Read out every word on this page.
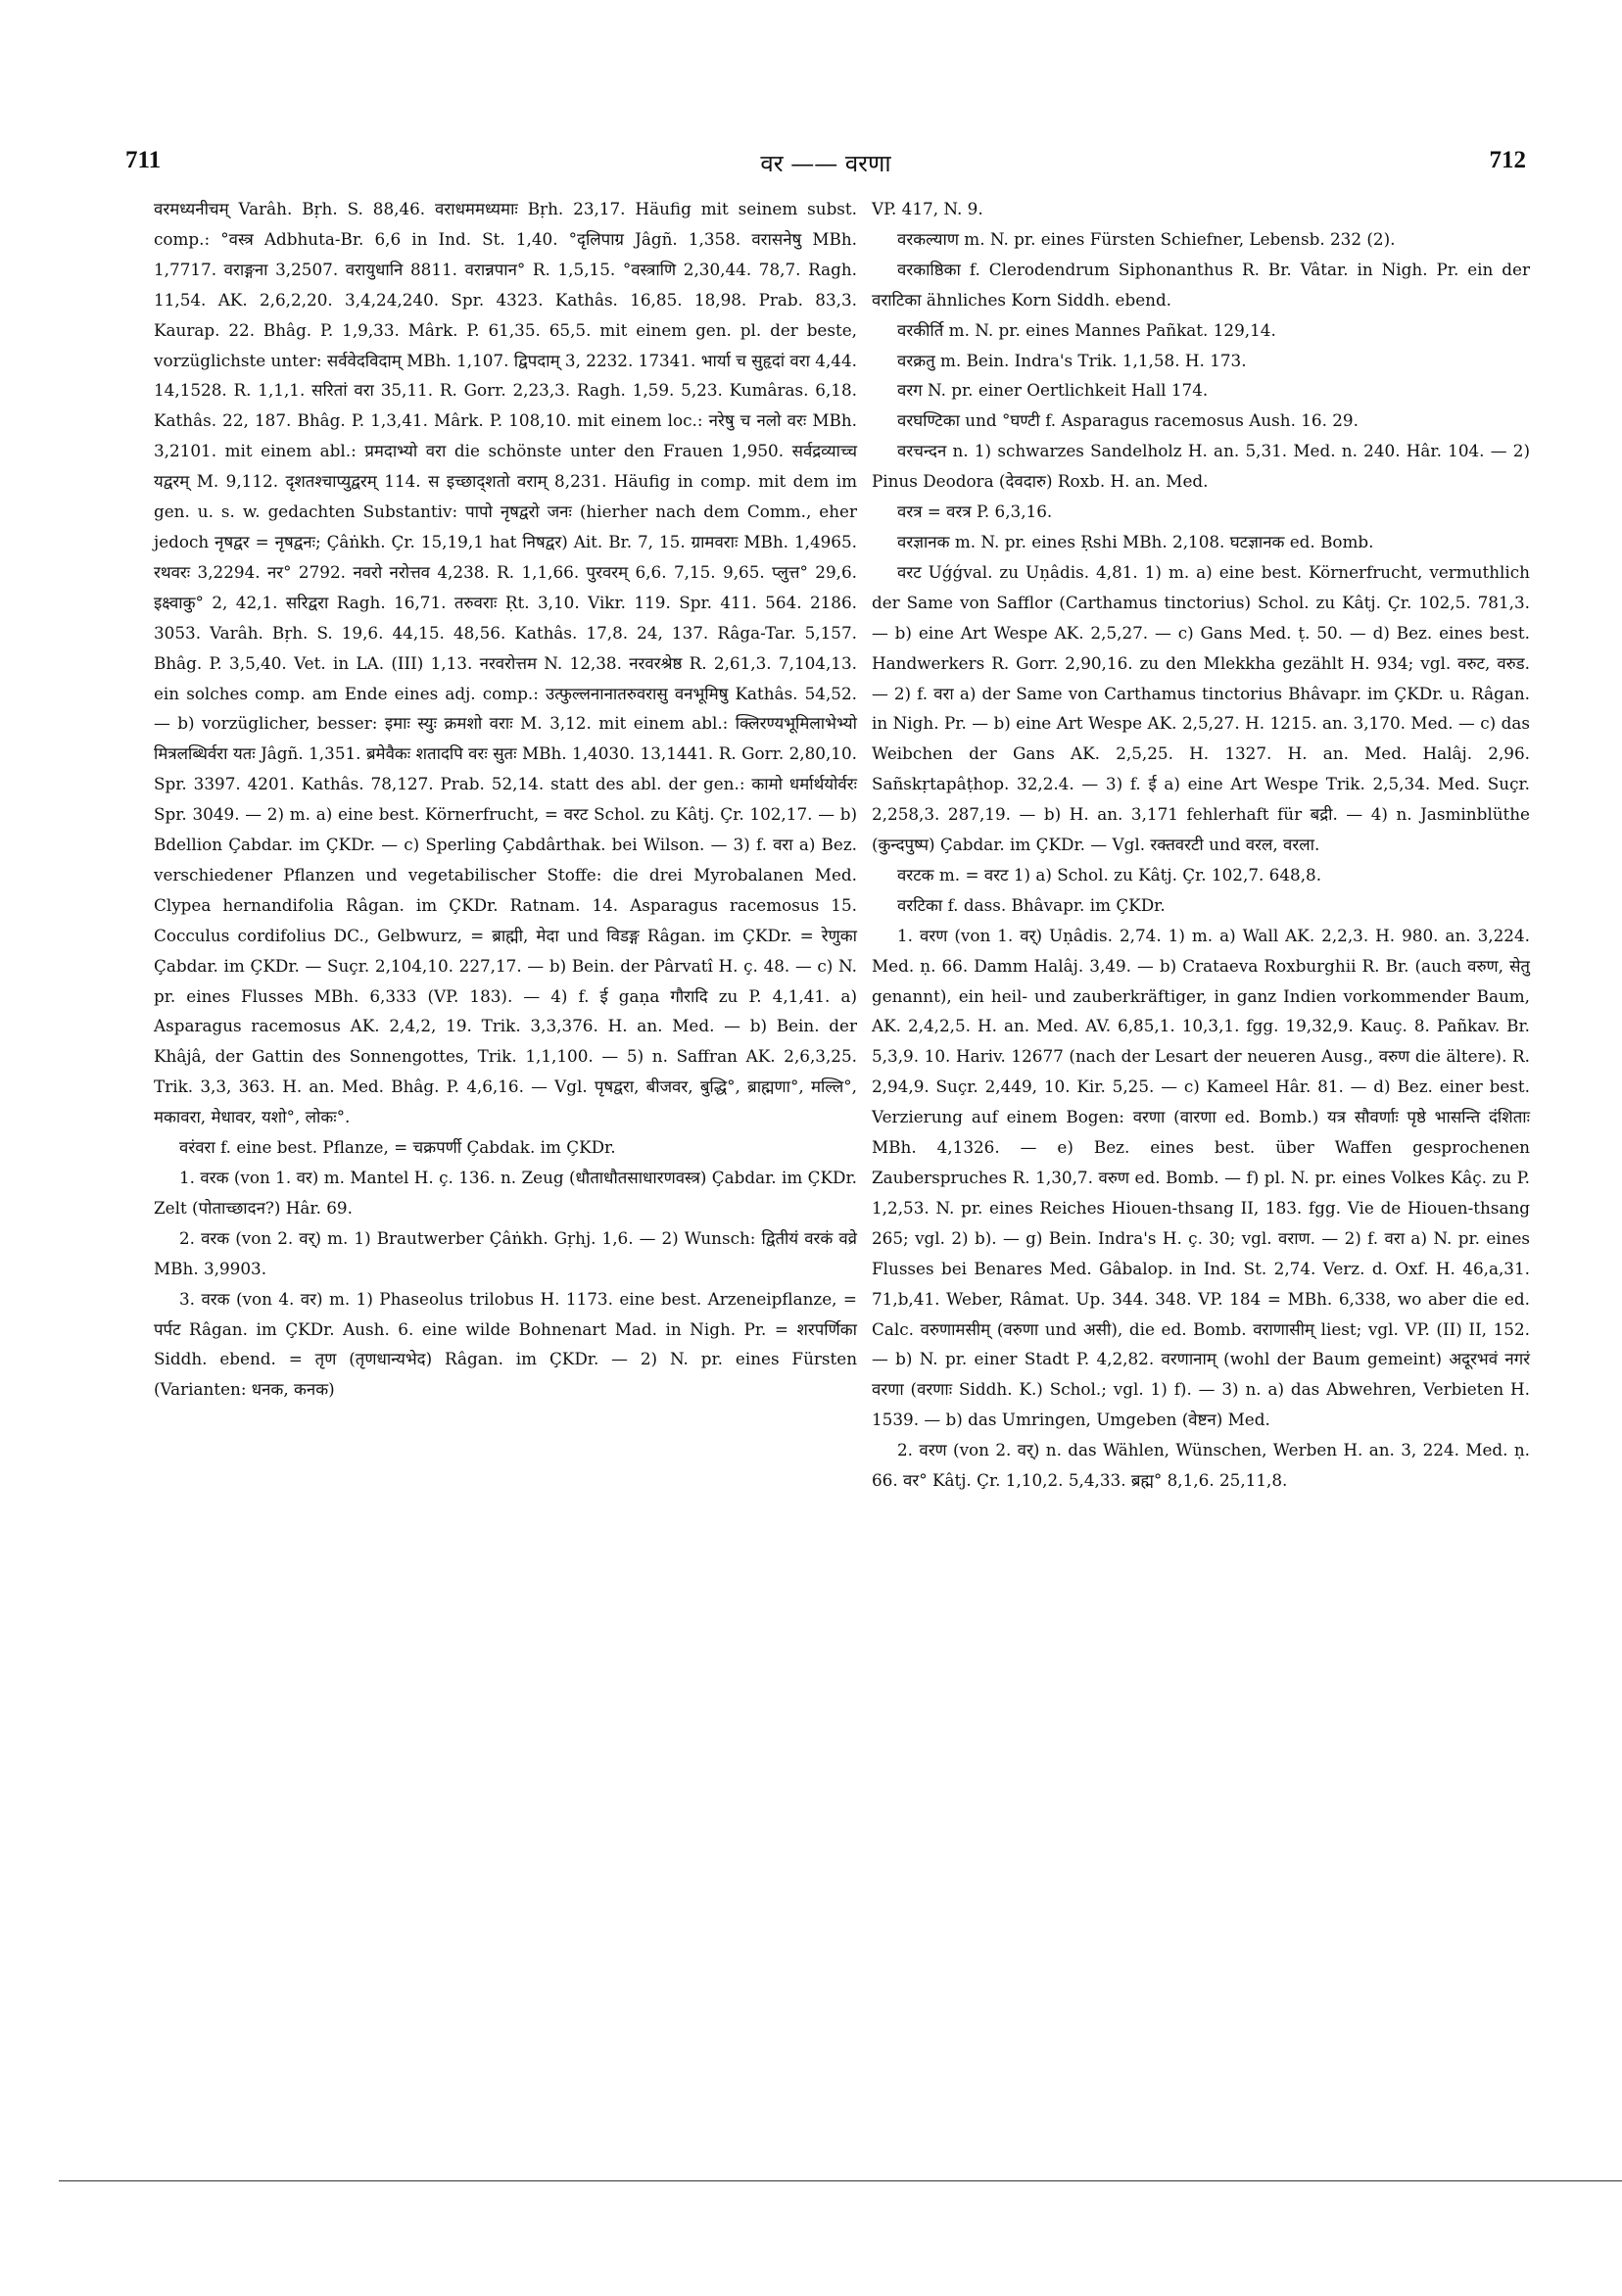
711	वर —— वरणा	712

वरमध्यनीचम् Varâh. Bṛh. S. 88,46. वराधममध्यमाः Bṛh. 23,17. Häufig mit seinem subst. comp.: °वस्त्र Adbhuta-Br. 6,6 in Ind. St. 1,40. °दृलिपाग्र Jâgñ. 1,358. वरासनेषु MBh. 1,7717. वराङ्गना 3,2507. वरायुधानि 8811. वरान्नपान° R. 1,5,15. °वस्त्राणि 2,30,44. 78,7. Ragh. 11,54. AK. 2,6,2,20. 3,4,24,240. Spr. 4323. Kathâs. 16,85. 18,98. Prab. 83,3. Kaurap. 22. Bhâg. P. 1,9,33. Mârk. P. 61,35. 65,5. mit einem gen. pl. der beste, vorzüglichste unter: सर्ववेदविदाम् MBh. 1,107. द्विपदाम् 3, 2232. 17341. भार्या च सुहृदां वरा 4,44. 14,1528. R. 1,1,1. सरितां वरा 35,11. R. Gorr. 2,23,3. Ragh. 1,59. 5,23. Kumâras. 6,18. Kathâs. 22, 187. Bhâg. P. 1,3,41. Mârk. P. 108,10. mit einem loc.: नरेषु च नलो वरः MBh. 3,2101. mit einem abl.: प्रमदाभ्यो वरा die schönste unter den Frauen 1,950. सर्वद्रव्याच्च यद्वरम् M. 9,112. दृशतश्चाप्युद्वरम् 114. स इच्छाद्शतो वराम् 8,231. Häufig in comp. mit dem im gen. u. s. w. gedachten Substantiv: पापो नृषद्वरो जनः (hierher nach dem Comm., eher jedoch नृषद्वर = नृषद्वनः; Çâṅkh. Çr. 15,19,1 hat निषद्वर) Ait. Br. 7, 15. ग्रामवराः MBh. 1,4965. रथवरः 3,2294. नर° 2792. नवरो नरोत्तव 4,238. R. 1,1,66. पुरवरम् 6,6. 7,15. 9,65. प्लुत्त° 29,6. इक्ष्वाकु° 2, 42,1. सरिद्वरा Ragh. 16,71. तरुवराः Ṛt. 3,10. Vikr. 119. Spr. 411. 564. 2186. 3053. Varâh. Bṛh. S. 19,6. 44,15. 48,56. Kathâs. 17,8. 24, 137. Râga-Tar. 5,157. Bhâg. P. 3,5,40. Vet. in LA. (III) 1,13. नरवरोत्तम N. 12,38. नरवरश्रेष्ठ R. 2,61,3. 7,104,13. ein solches comp. am Ende eines adj. comp.: उत्फुल्लनानातरुवरासु वनभूमिषु Kathâs. 54,52. — b) vorzüglicher, besser: इमाः स्युः क्रमशो वराः M. 3,12. mit einem abl.: क्लिरण्यभूमिलाभेभ्यो मित्रलब्धिर्वरा यतः Jâgñ. 1,351. ब्रमेवैकः शतादपि वरः सुतः MBh. 1,4030. 13,1441. R. Gorr. 2,80,10. Spr. 3397. 4201. Kathâs. 78,127. Prab. 52,14. statt des abl. der gen.: कामो धर्मार्थयोर्वरः Spr. 3049. — 2) m. a) eine best. Körnerfrucht, = वरट Schol. zu Kâtj. Çr. 102,17. — b) Bdellion Çabdar. im ÇKDr. — c) Sperling Çabdârthak. bei Wilson. — 3) f. वरा a) Bez. verschiedener Pflanzen und vegetabilischer Stoffe: die drei Myrobalanen Med. Clypea hernandifolia Râgan. im ÇKDr. Ratnam. 14. Asparagus racemosus 15. Cocculus cordifolius DC., Gelbwurz, = ब्राह्मी, मेदा und विडङ्ग Râgan. im ÇKDr. = रेणुका Çabdar. im ÇKDr. — Suçr. 2,104,10. 227,17. — b) Bein. der Pârvatî H. ç. 48. — c) N. pr. eines Flusses MBh. 6,333 (VP. 183). — 4) f. ई gaṇa गौरादि zu P. 4,1,41. a) Asparagus racemosus AK. 2,4,2, 19. Trik. 3,3,376. H. an. Med. — b) Bein. der Khâjâ, der Gattin des Sonnengottes, Trik. 1,1,100. — 5) n. Saffran AK. 2,6,3,25. Trik. 3,3, 363. H. an. Med. Bhâg. P. 4,6,16. — Vgl. पृषद्वरा, बीजवर, बुद्धि°, ब्राह्मणा°, मल्लि°, मकावरा, मेधावर, यशो°, लोकः°.

वरंवरा f. eine best. Pflanze, = चक्रपर्णी Çabdak. im ÇKDr.

1. वरक (von 1. वर) m. Mantel H. ç. 136. n. Zeug (धौताधौतसाधारणवस्त्र) Çabdar. im ÇKDr. Zelt (पोताच्छादन?) Hâr. 69.

2. वरक (von 2. वर्) m. 1) Brautwerber Çâṅkh. Gṛhj. 1,6. — 2) Wunsch: द्वितीयं वरकं वव्रे MBh. 3,9903.

3. वरक (von 4. वर) m. 1) Phaseolus trilobus H. 1173. eine best. Arzeneipflanze, = पर्पट Râgan. im ÇKDr. Aush. 6. eine wilde Bohnenart Mad. in Nigh. Pr. = शरपर्णिका Siddh. ebend. = तृण (तृणधान्यभेद) Râgan. im ÇKDr. — 2) N. pr. eines Fürsten (Varianten: धनक, कनक)

VP. 417, N. 9.

वरकल्याण m. N. pr. eines Fürsten Schiefner, Lebensb. 232 (2).

वरकाष्ठिका f. Clerodendrum Siphonanthus R. Br. Vâtar. in Nigh. Pr. ein der वराटिका ähnliches Korn Siddh. ebend.

वरकीर्ति m. N. pr. eines Mannes Pañkat. 129,14.

वरक्रतु m. Bein. Indra's Trik. 1,1,58. H. 173.

वरग N. pr. einer Oertlichkeit Hall 174.

वरघण्टिका und °घण्टी f. Asparagus racemosus Aush. 16. 29.

वरचन्दन n. 1) schwarzes Sandelholz H. an. 5,31. Med. n. 240. Hâr. 104. — 2) Pinus Deodora (देवदारु) Roxb. H. an. Med.

वरत्र = वरत्र P. 6,3,16.

वरज्ञानक m. N. pr. eines Ṛshi MBh. 2,108. घटज्ञानक ed. Bomb.

वरट Uǵǵval. zu Uṇâdis. 4,81. 1) m. a) eine best. Körnerfrucht, vermuthlich der Same von Safflor (Carthamus tinctorius) Schol. zu Kâtj. Çr. 102,5. 781,3. — b) eine Art Wespe AK. 2,5,27. — c) Gans Med. ṭ. 50. — d) Bez. eines best. Handwerkers R. Gorr. 2,90,16. zu den Mlekkha gezählt H. 934; vgl. वरुट, वरुड. — 2) f. वरा a) der Same von Carthamus tinctorius Bhâvapr. im ÇKDr. u. Râgan. in Nigh. Pr. — b) eine Art Wespe AK. 2,5,27. H. 1215. an. 3,170. Med. — c) das Weibchen der Gans AK. 2,5,25. H. 1327. H. an. Med. Halâj. 2,96. Sañskṛtapâṭhop. 32,2.4. — 3) f. ई a) eine Art Wespe Trik. 2,5,34. Med. Suçr. 2,258,3. 287,19. — b) H. an. 3,171 fehlerhaft für बद्री. — 4) n. Jasminblüthe (कुन्दपुष्प) Çabdar. im ÇKDr. — Vgl. रक्तवरटी und वरल, वरला.

वरटक m. = वरट 1) a) Schol. zu Kâtj. Çr. 102,7. 648,8.

वरटिका f. dass. Bhâvapr. im ÇKDr.

1. वरण (von 1. वर्) Uṇâdis. 2,74. 1) m. a) Wall AK. 2,2,3. H. 980. an. 3,224. Med. ṇ. 66. Damm Halâj. 3,49. — b) Crataeva Roxburghii R. Br. (auch वरुण, सेतु genannt), ein heil- und zauberkräftiger, in ganz Indien vorkommender Baum, AK. 2,4,2,5. H. an. Med. AV. 6,85,1. 10,3,1. fgg. 19,32,9. Kauç. 8. Pañkav. Br. 5,3,9. 10. Hariv. 12677 (nach der Lesart der neueren Ausg., वरुण die ältere). R. 2,94,9. Suçr. 2,449, 10. Kir. 5,25. — c) Kameel Hâr. 81. — d) Bez. einer best. Verzierung auf einem Bogen: वरणा (वारणा ed. Bomb.) यत्र सौवर्णाः पृष्ठे भासन्ति दंशिताः MBh. 4,1326. — e) Bez. eines best. über Waffen gesprochenen Zauberspruches R. 1,30,7. वरुण ed. Bomb. — f) pl. N. pr. eines Volkes Kâç. zu P. 1,2,53. N. pr. eines Reiches Hiouen-thsang II, 183. fgg. Vie de Hiouen-thsang 265; vgl. 2) b). — g) Bein. Indra's H. ç. 30; vgl. वराण. — 2) f. वरा a) N. pr. eines Flusses bei Benares Med. Gâbalop. in Ind. St. 2,74. Verz. d. Oxf. H. 46,a,31. 71,b,41. Weber, Râmat. Up. 344. 348. VP. 184 = MBh. 6,338, wo aber die ed. Calc. वरुणामसीम् (वरुणा und असी), die ed. Bomb. वराणासीम् liest; vgl. VP. (II) II, 152. — b) N. pr. einer Stadt P. 4,2,82. वरणानाम् (wohl der Baum gemeint) अदूरभवं नगरं वरणा (वरणाः Siddh. K.) Schol.; vgl. 1) f). — 3) n. a) das Abwehren, Verbieten H. 1539. — b) das Umringen, Umgeben (वेष्टन) Med.

2. वरण (von 2. वर्) n. das Wählen, Wünschen, Werben H. an. 3, 224. Med. ṇ. 66. वर° Kâtj. Çr. 1,10,2. 5,4,33. ब्रह्म° 8,1,6. 25,11,8.
